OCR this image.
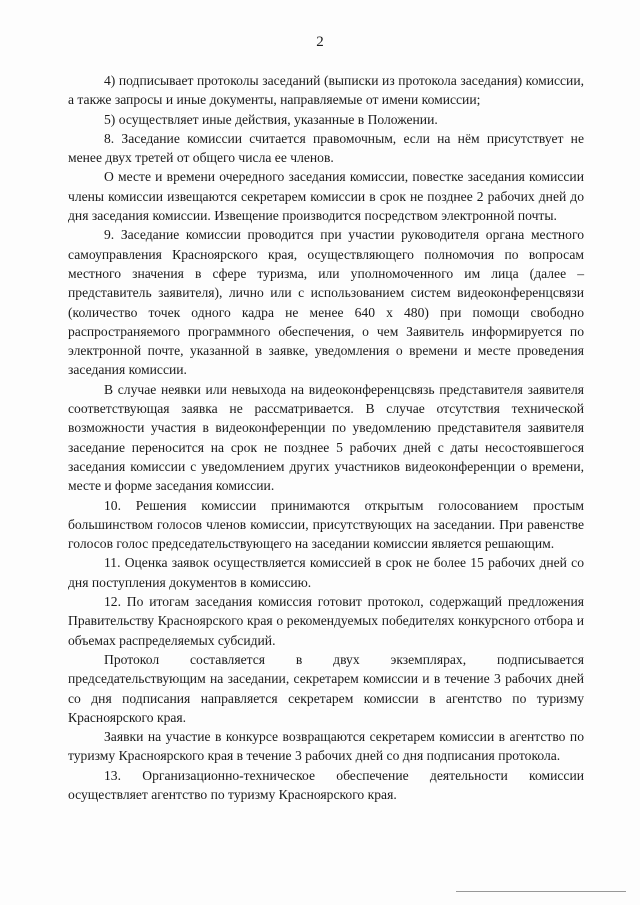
2

4) подписывает протоколы заседаний (выписки из протокола заседания) комиссии, а также запросы и иные документы, направляемые от имени комиссии;

5) осуществляет иные действия, указанные в Положении.

8. Заседание комиссии считается правомочным, если на нём присутствует не менее двух третей от общего числа ее членов.

О месте и времени очередного заседания комиссии, повестке заседания комиссии члены комиссии извещаются секретарем комиссии в срок не позднее 2 рабочих дней до дня заседания комиссии. Извещение производится посредством электронной почты.

9. Заседание комиссии проводится при участии руководителя органа местного самоуправления Красноярского края, осуществляющего полномочия по вопросам местного значения в сфере туризма, или уполномоченного им лица (далее – представитель заявителя), лично или с использованием систем видеоконференцсвязи (количество точек одного кадра не менее 640 х 480) при помощи свободно распространяемого программного обеспечения, о чем Заявитель информируется по электронной почте, указанной в заявке, уведомления о времени и месте проведения заседания комиссии.

В случае неявки или невыхода на видеоконференцсвязь представителя заявителя соответствующая заявка не рассматривается. В случае отсутствия технической возможности участия в видеоконференции по уведомлению представителя заявителя заседание переносится на срок не позднее 5 рабочих дней с даты несостоявшегося заседания комиссии с уведомлением других участников видеоконференции о времени, месте и форме заседания комиссии.

10. Решения комиссии принимаются открытым голосованием простым большинством голосов членов комиссии, присутствующих на заседании. При равенстве голосов голос председательствующего на заседании комиссии является решающим.

11. Оценка заявок осуществляется комиссией в срок не более 15 рабочих дней со дня поступления документов в комиссию.

12. По итогам заседания комиссия готовит протокол, содержащий предложения Правительству Красноярского края о рекомендуемых победителях конкурсного отбора и объемах распределяемых субсидий.

Протокол составляется в двух экземплярах, подписывается председательствующим на заседании, секретарем комиссии и в течение 3 рабочих дней со дня подписания направляется секретарем комиссии в агентство по туризму Красноярского края.

Заявки на участие в конкурсе возвращаются секретарем комиссии в агентство по туризму Красноярского края в течение 3 рабочих дней со дня подписания протокола.

13. Организационно-техническое обеспечение деятельности комиссии осуществляет агентство по туризму Красноярского края.
